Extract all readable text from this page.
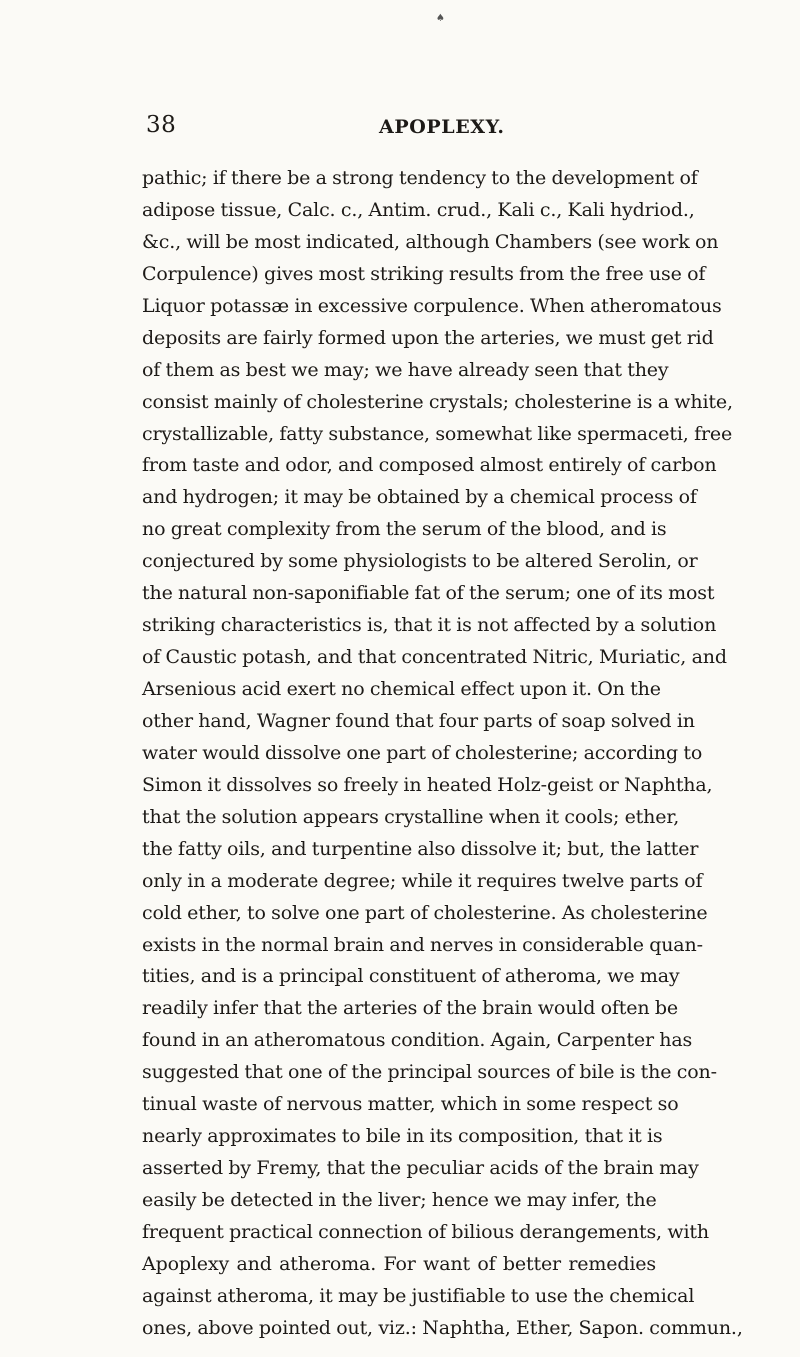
♠
38	APOPLEXY.
pathic; if there be a strong tendency to the development of
adipose tissue, Calc. c., Antim. crud., Kali c., Kali hydriod.,
&c., will be most indicated, although Chambers (see work on
Corpulence) gives most striking results from the free use of
Liquor potassæ in excessive corpulence. When atheromatous
deposits are fairly formed upon the arteries, we must get rid
of them as best we may; we have already seen that they
consist mainly of cholesterine crystals; cholesterine is a white,
crystallizable, fatty substance, somewhat like spermaceti, free
from taste and odor, and composed almost entirely of carbon
and hydrogen; it may be obtained by a chemical process of
no great complexity from the serum of the blood, and is
conjectured by some physiologists to be altered Serolin, or
the natural non-saponifiable fat of the serum; one of its most
striking characteristics is, that it is not affected by a solution
of Caustic potash, and that concentrated Nitric, Muriatic, and
Arsenious acid exert no chemical effect upon it. On the
other hand, Wagner found that four parts of soap solved in
water would dissolve one part of cholesterine; according to
Simon it dissolves so freely in heated Holz-geist or Naphtha,
that the solution appears crystalline when it cools; ether,
the fatty oils, and turpentine also dissolve it; but, the latter
only in a moderate degree; while it requires twelve parts of
cold ether, to solve one part of cholesterine. As cholesterine
exists in the normal brain and nerves in considerable quan-
tities, and is a principal constituent of atheroma, we may
readily infer that the arteries of the brain would often be
found in an atheromatous condition. Again, Carpenter has
suggested that one of the principal sources of bile is the con-
tinual waste of nervous matter, which in some respect so
nearly approximates to bile in its composition, that it is
asserted by Fremy, that the peculiar acids of the brain may
easily be detected in the liver; hence we may infer, the
frequent practical connection of bilious derangements, with
Apoplexy and atheroma. For want of better remedies
against atheroma, it may be justifiable to use the chemical
ones, above pointed out, viz.: Naphtha, Ether, Sapon. commun.,
